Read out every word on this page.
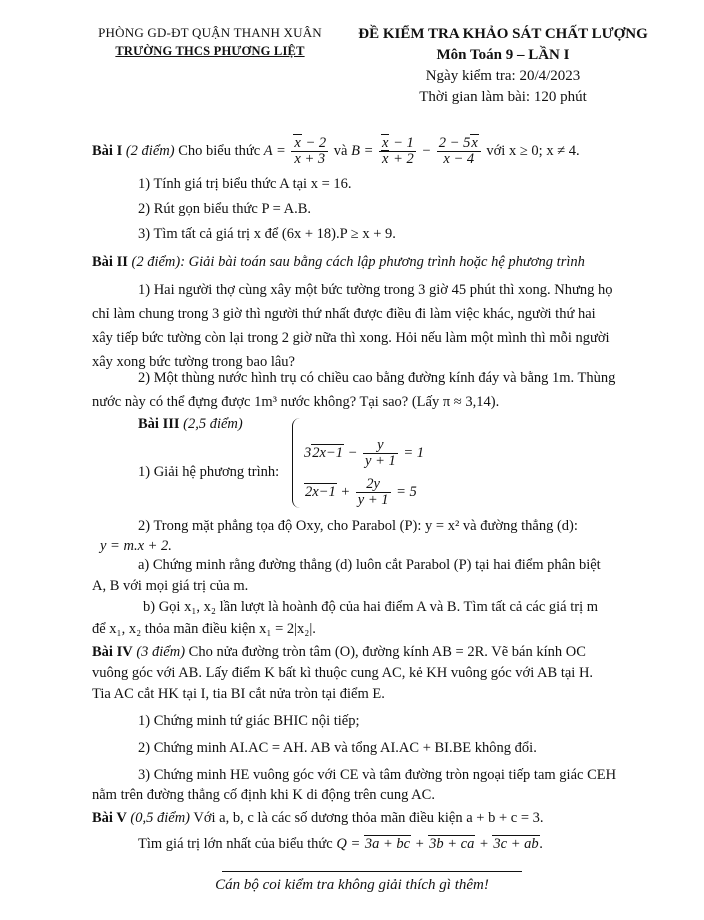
PHÒNG GD-ĐT QUẬN THANH XUÂN
TRƯỜNG THCS PHƯƠNG LIỆT
ĐỀ KIỂM TRA KHẢO SÁT CHẤT LƯỢNG
Môn Toán 9 – LẦN I
Ngày kiểm tra: 20/4/2023
Thời gian làm bài: 120 phút
Bài I (2 điểm) Cho biểu thức $A = \frac{x - 2}{x + 3}$ và $B = \frac{x - 1}{x + 2} - \frac{2 - 5x}{x - 4}$ với x ≥ 0; x ≠ 4.
1) Tính giá trị biểu thức A tại x = 16.
2) Rút gọn biểu thức P = A.B.
3) Tìm tất cả giá trị x để (6x + 18).P ≥ x + 9.
Bài II (2 điểm): Giải bài toán sau bằng cách lập phương trình hoặc hệ phương trình
1) Hai người thợ cùng xây một bức tường trong 3 giờ 45 phút thì xong. Nhưng họ
chỉ làm chung trong 3 giờ thì người thứ nhất được điều đi làm việc khác, người thứ hai
xây tiếp bức tường còn lại trong 2 giờ nữa thì xong. Hỏi nếu làm một mình thì mỗi người
xây xong bức tường trong bao lâu?
2) Một thùng nước hình trụ có chiều cao bằng đường kính đáy và bằng 1m. Thùng
nước này có thể đựng được 1m³ nước không? Tại sao? (Lấy π ≈ 3,14).
Bài III (2,5 điểm)
1) Giải hệ phương trình:
$32x-1 - \frac{y}{y + 1} = 1$
$2x-1 + \frac{2y}{y + 1} = 5$
2) Trong mặt phẳng tọa độ Oxy, cho Parabol (P): y = x² và đường thẳng (d):
y = m.x + 2.
a) Chứng minh rằng đường thẳng (d) luôn cắt Parabol (P) tại hai điểm phân biệt
A, B với mọi giá trị của m.
b) Gọi x₁, x₂ lần lượt là hoành độ của hai điểm A và B. Tìm tất cả các giá trị m
để x₁, x₂ thỏa mãn điều kiện x₁ = 2|x₂|.
Bài IV (3 điểm) Cho nửa đường tròn tâm (O), đường kính AB = 2R. Vẽ bán kính OC
vuông góc với AB. Lấy điểm K bất kì thuộc cung AC, kẻ KH vuông góc với AB tại H.
Tia AC cắt HK tại I, tia BI cắt nửa tròn tại điểm E.
1) Chứng minh tứ giác BHIC nội tiếp;
2) Chứng minh AI.AC = AH. AB và tổng AI.AC + BI.BE không đổi.
3) Chứng minh HE vuông góc với CE và tâm đường tròn ngoại tiếp tam giác CEH
nằm trên đường thẳng cố định khi K di động trên cung AC.
Bài V (0,5 điểm) Với a, b, c là các số dương thỏa mãn điều kiện a + b + c = 3.
Tìm giá trị lớn nhất của biểu thức Q = 3a + bc + 3b + ca + 3c + ab.
Cán bộ coi kiểm tra không giải thích gì thêm!
